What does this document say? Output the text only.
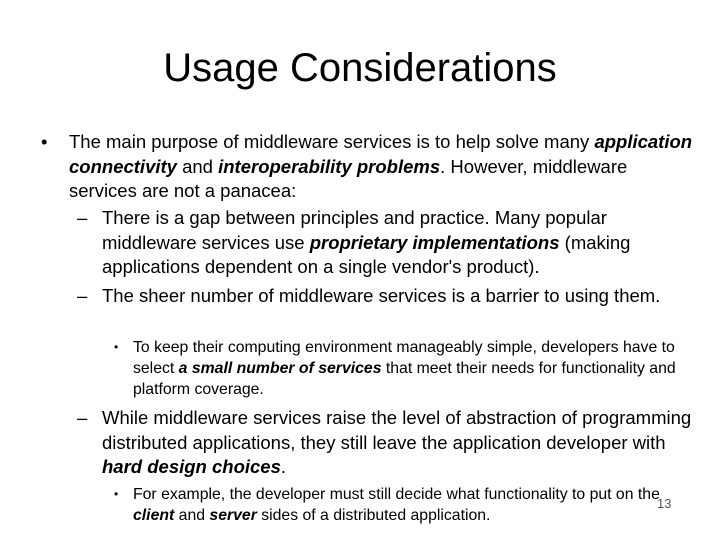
Usage Considerations
• The main purpose of middleware services is to help solve many application connectivity and interoperability problems. However, middleware services are not a panacea:
– There is a gap between principles and practice. Many popular middleware services use proprietary implementations (making applications dependent on a single vendor's product).
– The sheer number of middleware services is a barrier to using them.
• To keep their computing environment manageably simple, developers have to select a small number of services that meet their needs for functionality and platform coverage.
– While middleware services raise the level of abstraction of programming distributed applications, they still leave the application developer with hard design choices.
• For example, the developer must still decide what functionality to put on the client and server sides of a distributed application.
13
